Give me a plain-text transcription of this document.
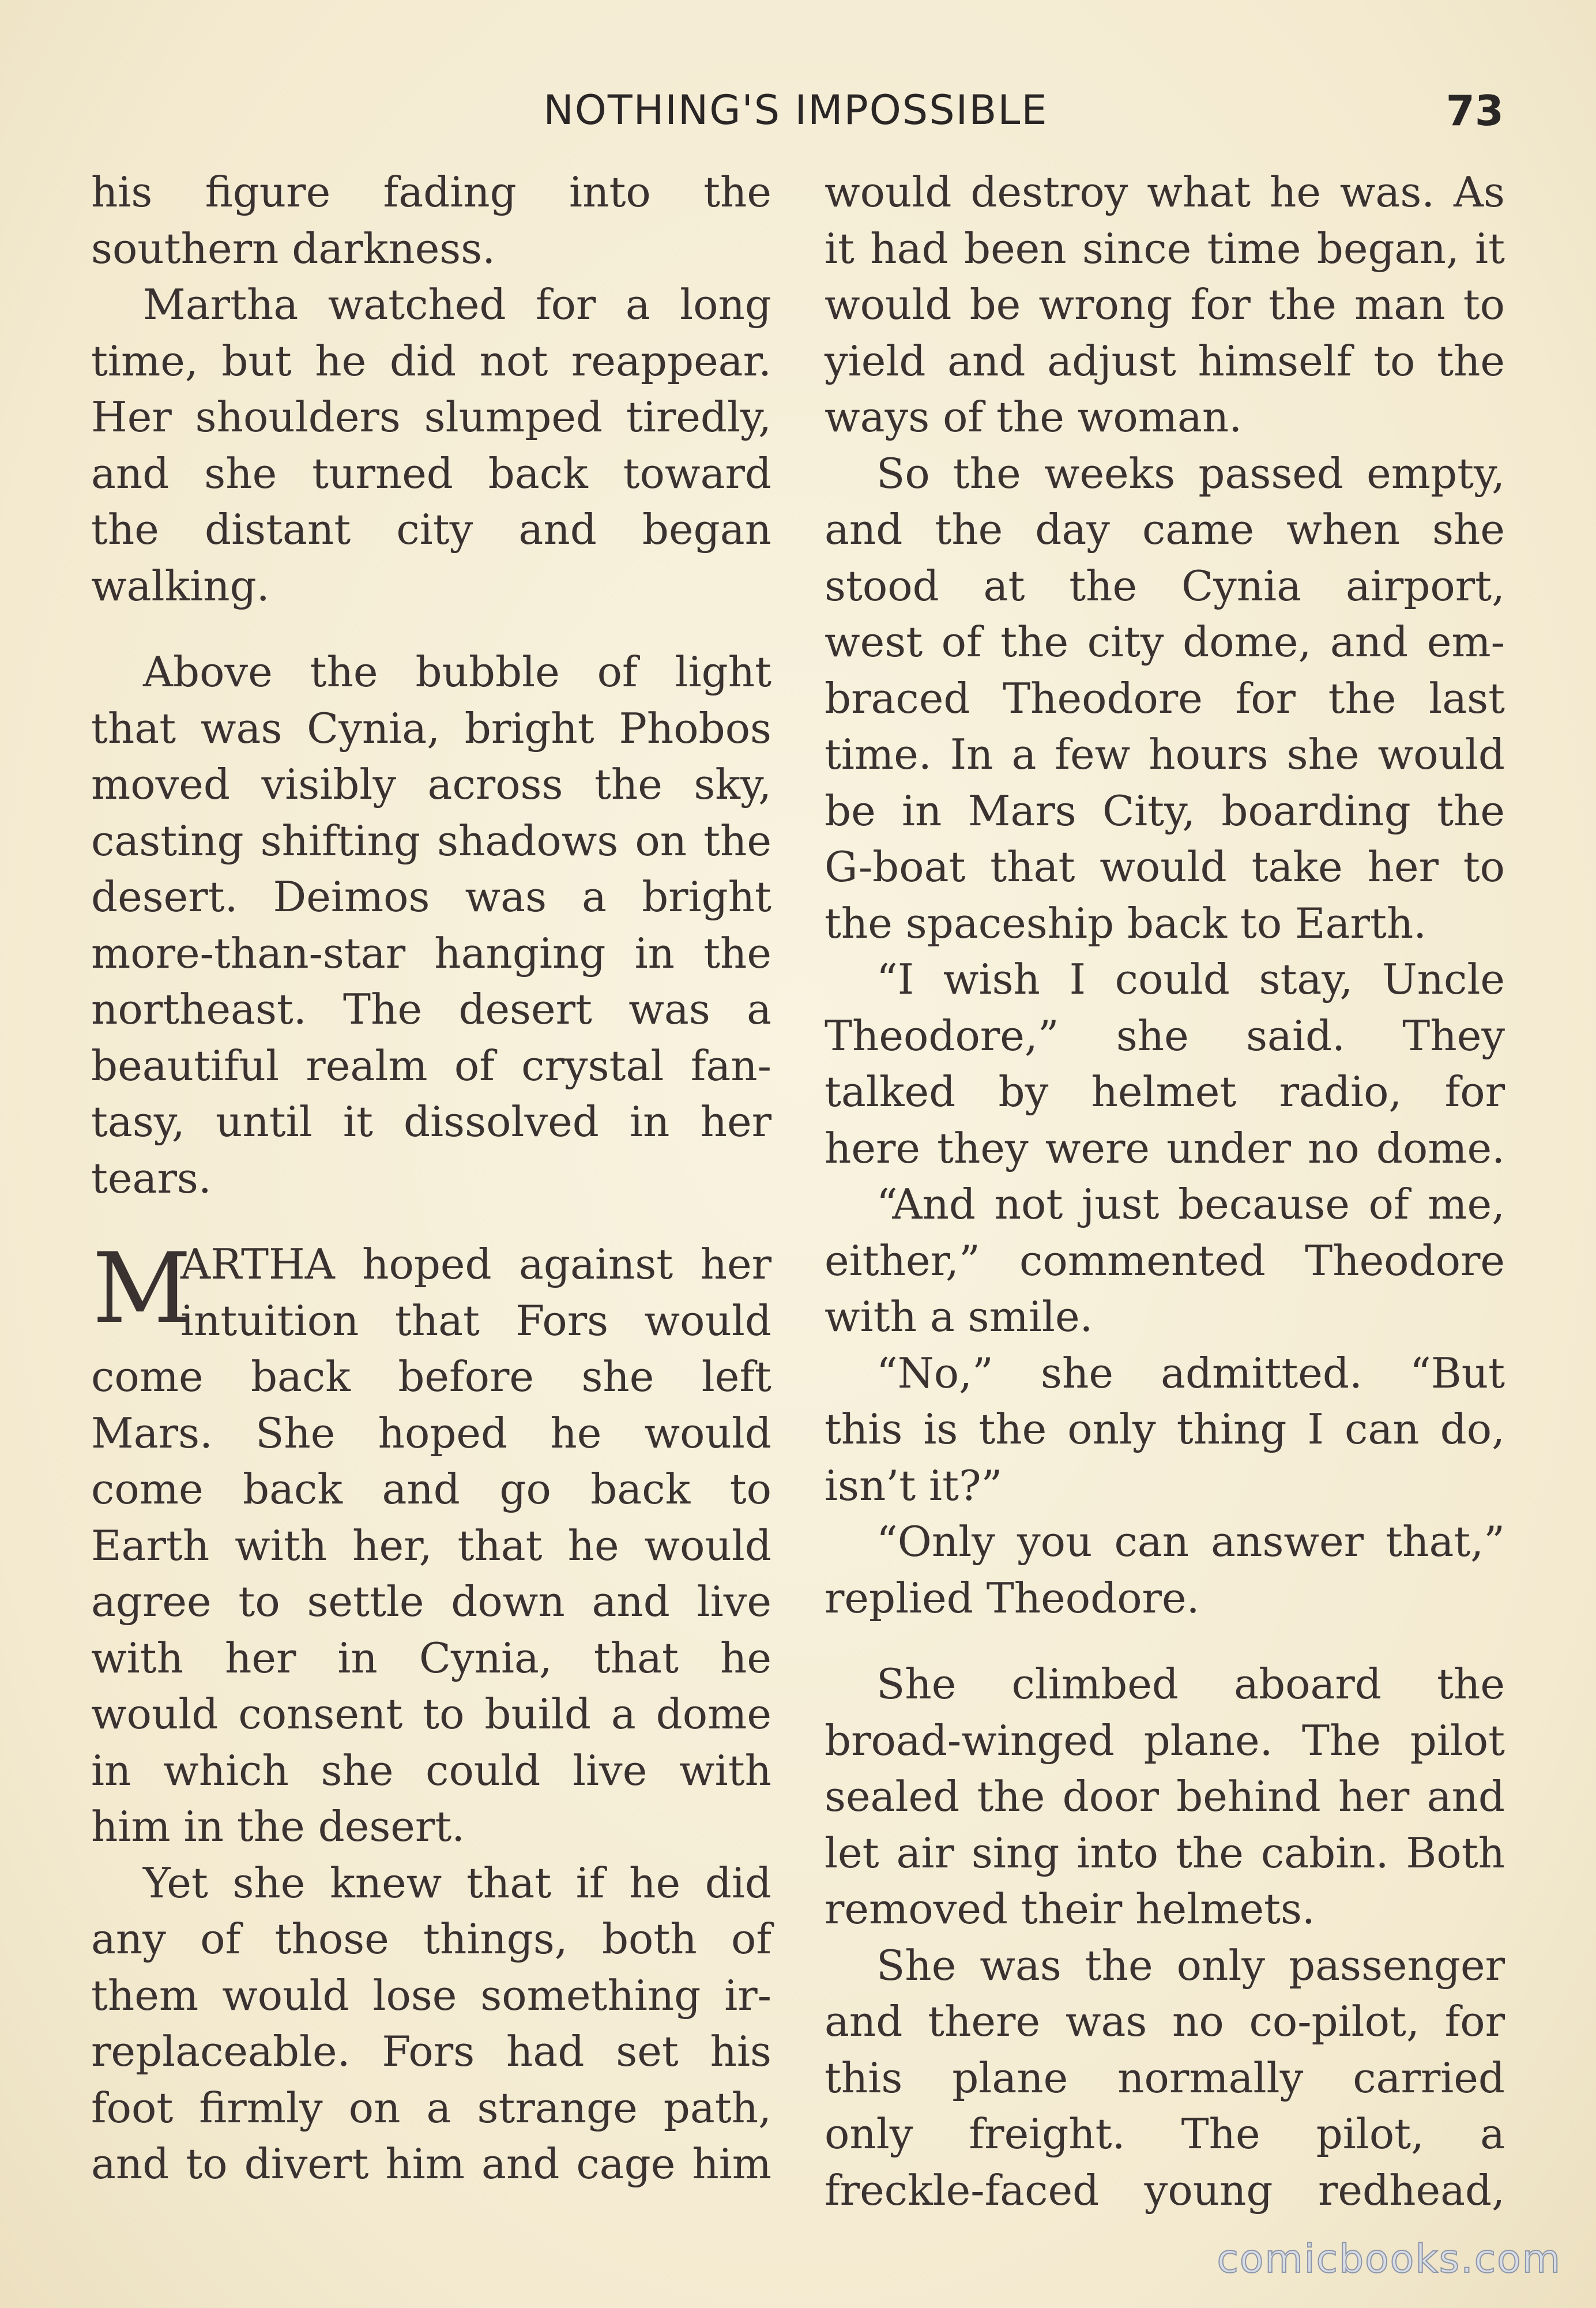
NOTHING'S IMPOSSIBLE	73
his figure fading into the
southern darkness.
Martha watched for a long
time, but he did not reappear.
Her shoulders slumped tiredly,
and she turned back toward
the distant city and began
walking.
Above the bubble of light
that was Cynia, bright Phobos
moved visibly across the sky,
casting shifting shadows on the
desert. Deimos was a bright
more-than-star hanging in the
northeast. The desert was a
beautiful realm of crystal fan-
tasy, until it dissolved in her
tears.
M
ARTHA hoped against her
intuition that Fors would
come back before she left
Mars. She hoped he would
come back and go back to
Earth with her, that he would
agree to settle down and live
with her in Cynia, that he
would consent to build a dome
in which she could live with
him in the desert.
Yet she knew that if he did
any of those things, both of
them would lose something ir-
replaceable. Fors had set his
foot firmly on a strange path,
and to divert him and cage him
would destroy what he was. As
it had been since time began, it
would be wrong for the man to
yield and adjust himself to the
ways of the woman.
So the weeks passed empty,
and the day came when she
stood at the Cynia airport,
west of the city dome, and em-
braced Theodore for the last
time. In a few hours she would
be in Mars City, boarding the
G-boat that would take her to
the spaceship back to Earth.
“I wish I could stay, Uncle
Theodore,” she said. They
talked by helmet radio, for
here they were under no dome.
“And not just because of me,
either,” commented Theodore
with a smile.
“No,” she admitted. “But
this is the only thing I can do,
isn’t it?”
“Only you can answer that,”
replied Theodore.
She climbed aboard the
broad-winged plane. The pilot
sealed the door behind her and
let air sing into the cabin. Both
removed their helmets.
She was the only passenger
and there was no co-pilot, for
this plane normally carried
only freight. The pilot, a
freckle-faced young redhead,
comicbooks.com
